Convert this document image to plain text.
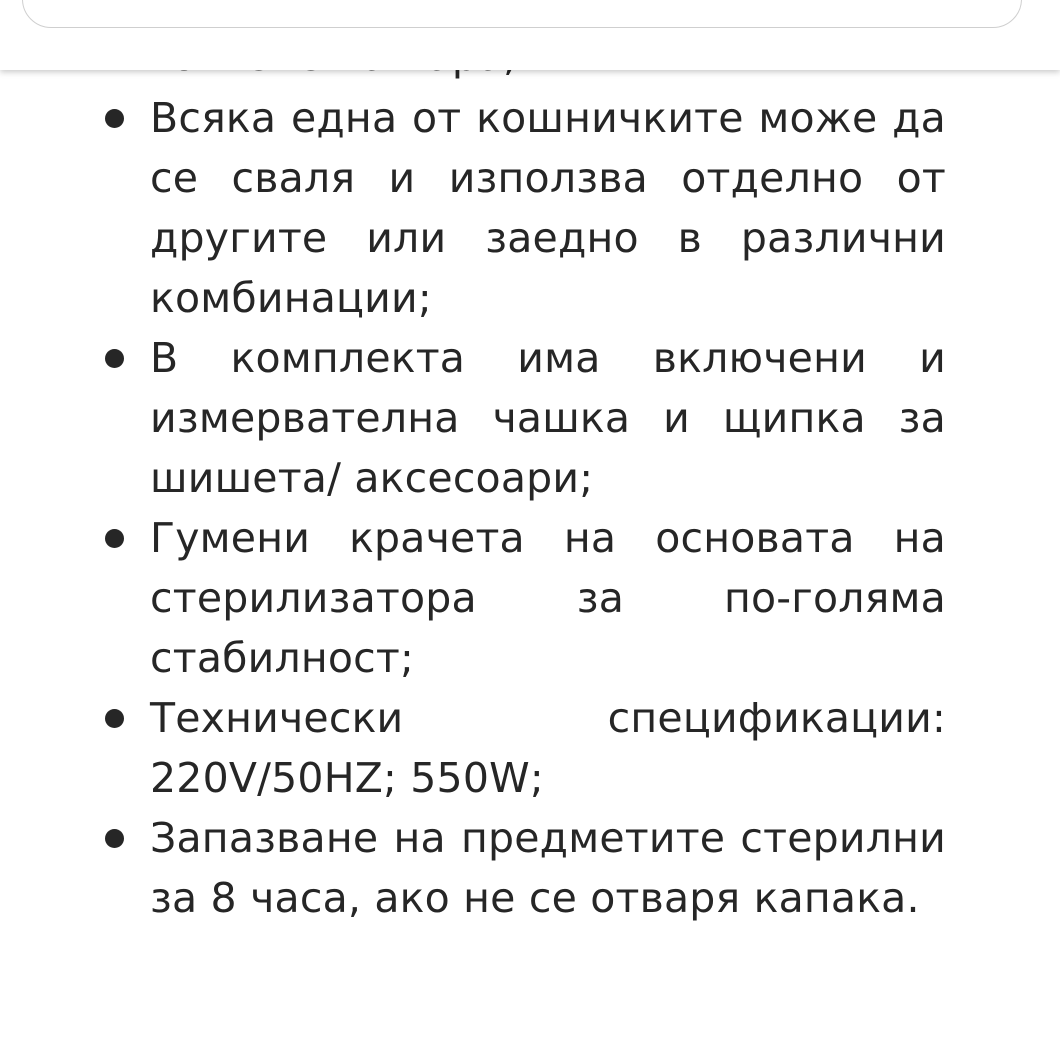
Всяка една от кошничките може да се сваля и използва отделно от другите или заедно в различни комбинации;
В комплекта има включени и измервателна чашка и щипка за шишета/ аксесоари;
Гумени крачета на основата на стерилизатора за по-голяма стабилност;
Технически спецификации: 220V/50HZ; 550W;
Запазване на предметите стерилни за 8 часа, ако не се отваря капака.
